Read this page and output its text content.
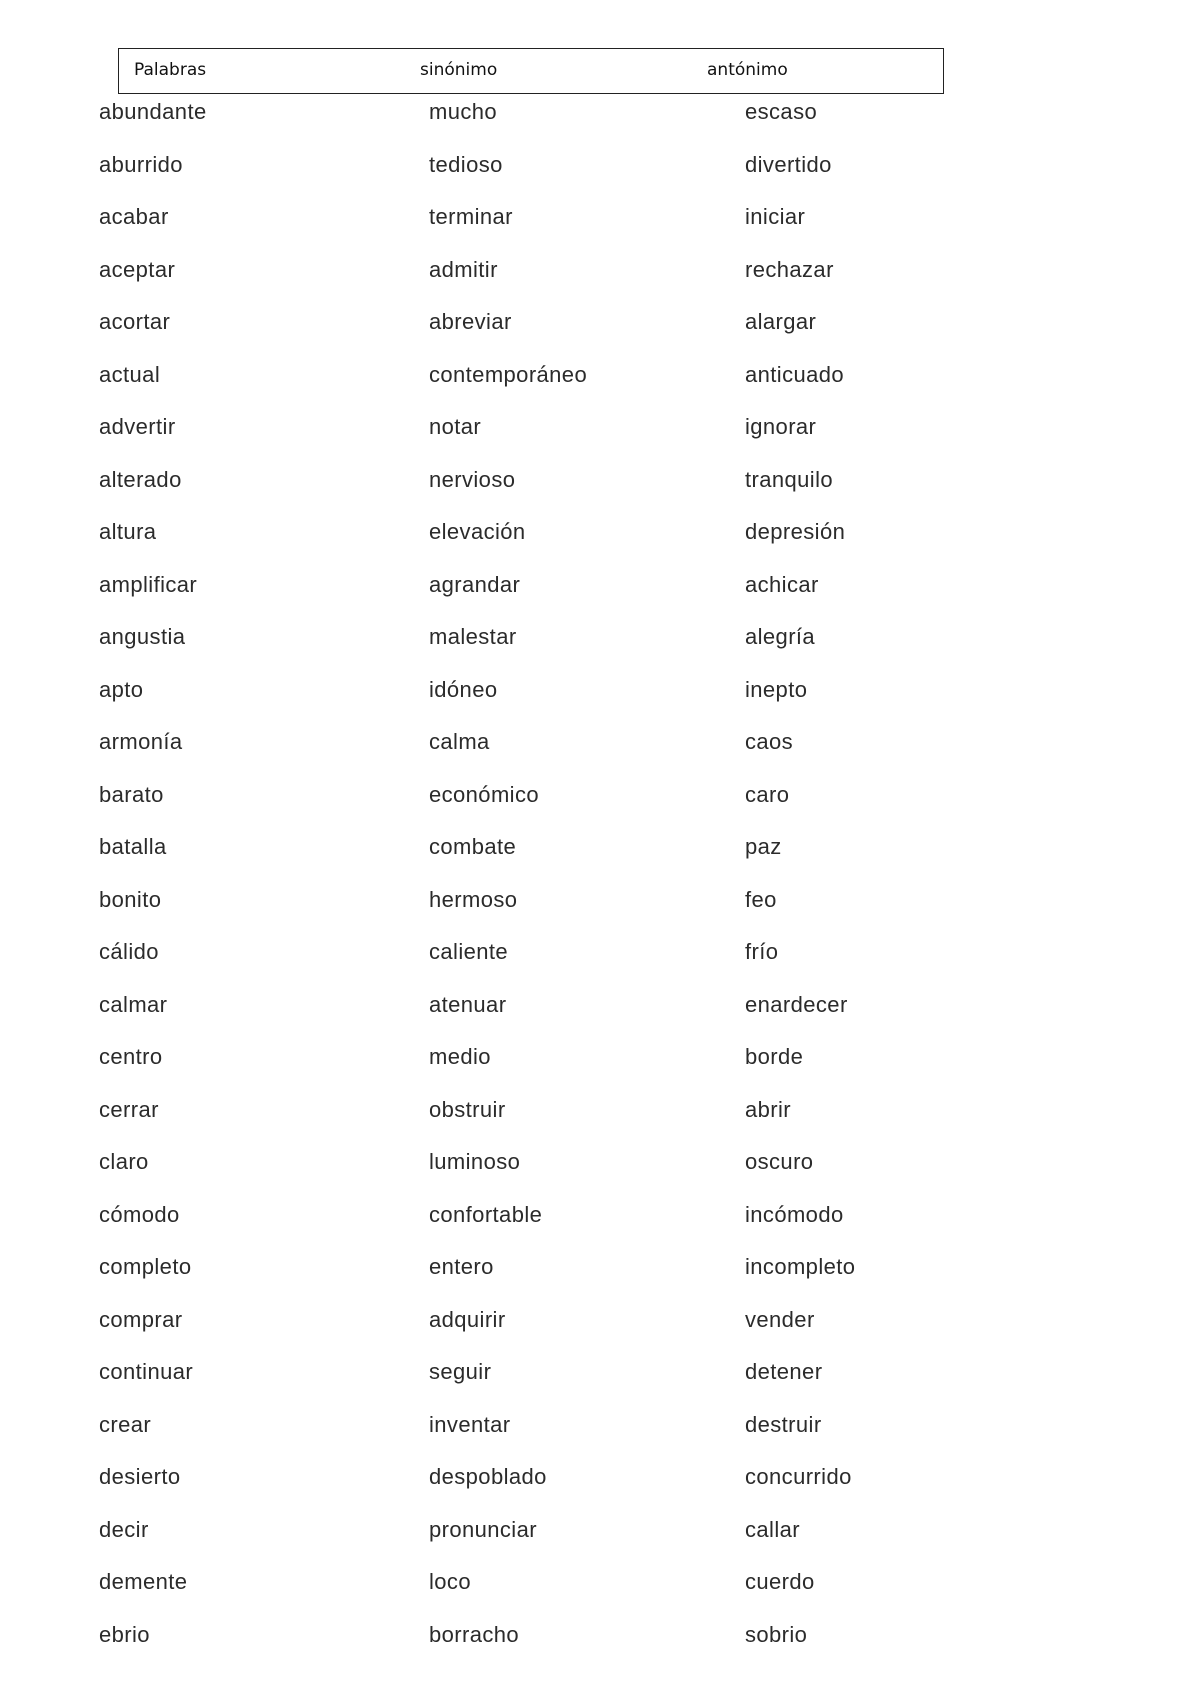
Palabras	sinónimo	antónimo
abundante	mucho	escaso
aburrido	tedioso	divertido
acabar	terminar	iniciar
aceptar	admitir	rechazar
acortar	abreviar	alargar
actual	contemporáneo	anticuado
advertir	notar	ignorar
alterado	nervioso	tranquilo
altura	elevación	depresión
amplificar	agrandar	achicar
angustia	malestar	alegría
apto	idóneo	inepto
armonía	calma	caos
barato	económico	caro
batalla	combate	paz
bonito	hermoso	feo
cálido	caliente	frío
calmar	atenuar	enardecer
centro	medio	borde
cerrar	obstruir	abrir
claro	luminoso	oscuro
cómodo	confortable	incómodo
completo	entero	incompleto
comprar	adquirir	vender
continuar	seguir	detener
crear	inventar	destruir
desierto	despoblado	concurrido
decir	pronunciar	callar
demente	loco	cuerdo
ebrio	borracho	sobrio
